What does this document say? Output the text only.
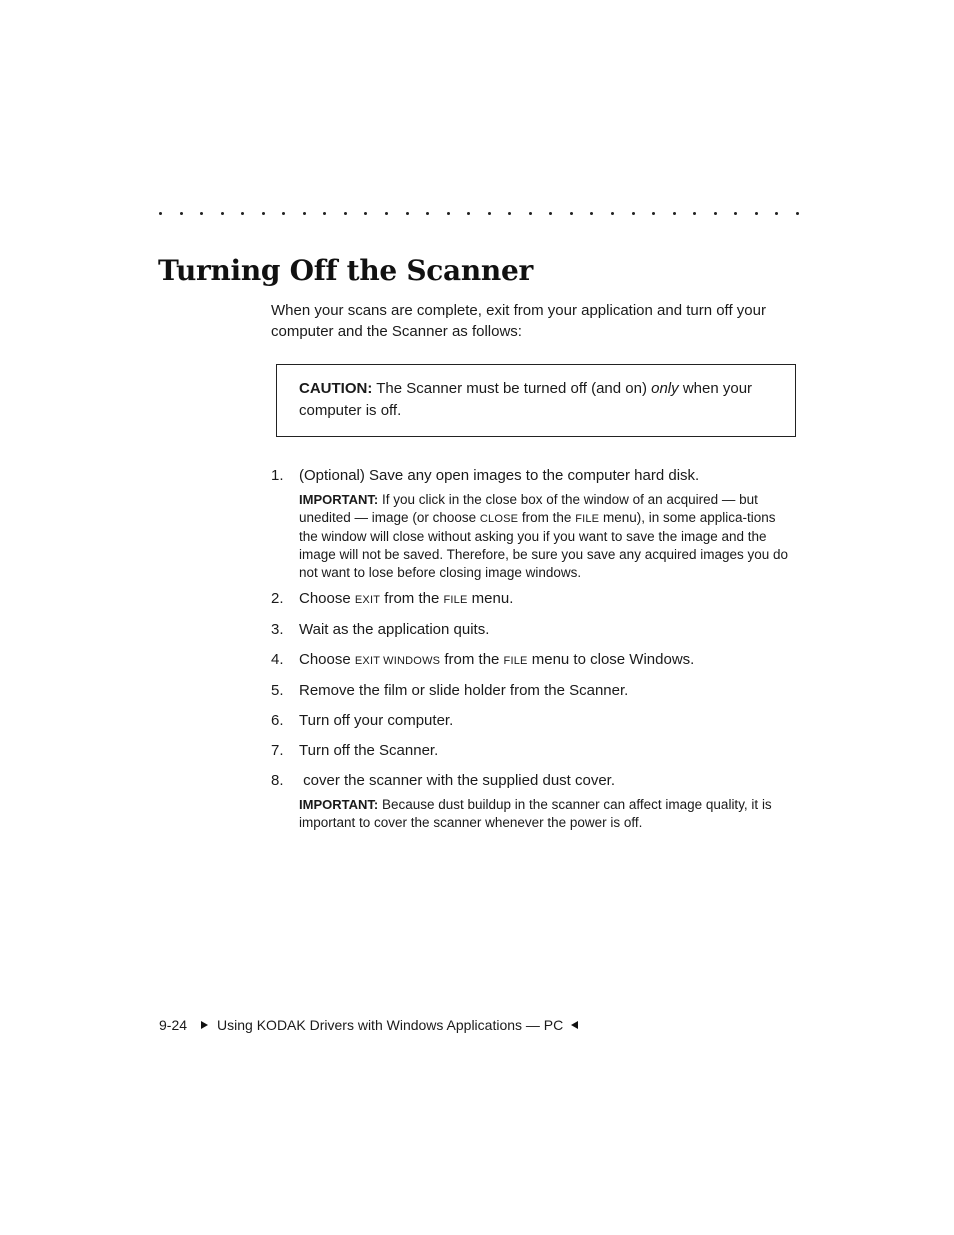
Turning Off the Scanner

When your scans are complete, exit from your application and turn off your computer and the Scanner as follows:

CAUTION: The Scanner must be turned off (and on) only when your computer is off.
1.	(Optional) Save any open images to the computer hard disk.
IMPORTANT: If you click in the close box of the window of an acquired — but unedited — image (or choose CLOSE from the FILE menu), in some applica-tions the window will close without asking you if you want to save the image and the image will not be saved. Therefore, be sure you save any acquired images you do not want to lose before closing image windows.
2.	Choose EXIT from the FILE menu.
3.	Wait as the application quits.
4.	Choose EXIT WINDOWS from the FILE menu to close Windows.
5.	Remove the film or slide holder from the Scanner.
6.	Turn off your computer.
7.	Turn off the Scanner.
8.	cover the scanner with the supplied dust cover.
IMPORTANT: Because dust buildup in the scanner can affect image quality, it is important to cover the scanner whenever the power is off.
9-24 Using KODAK Drivers with Windows Applications — PC
